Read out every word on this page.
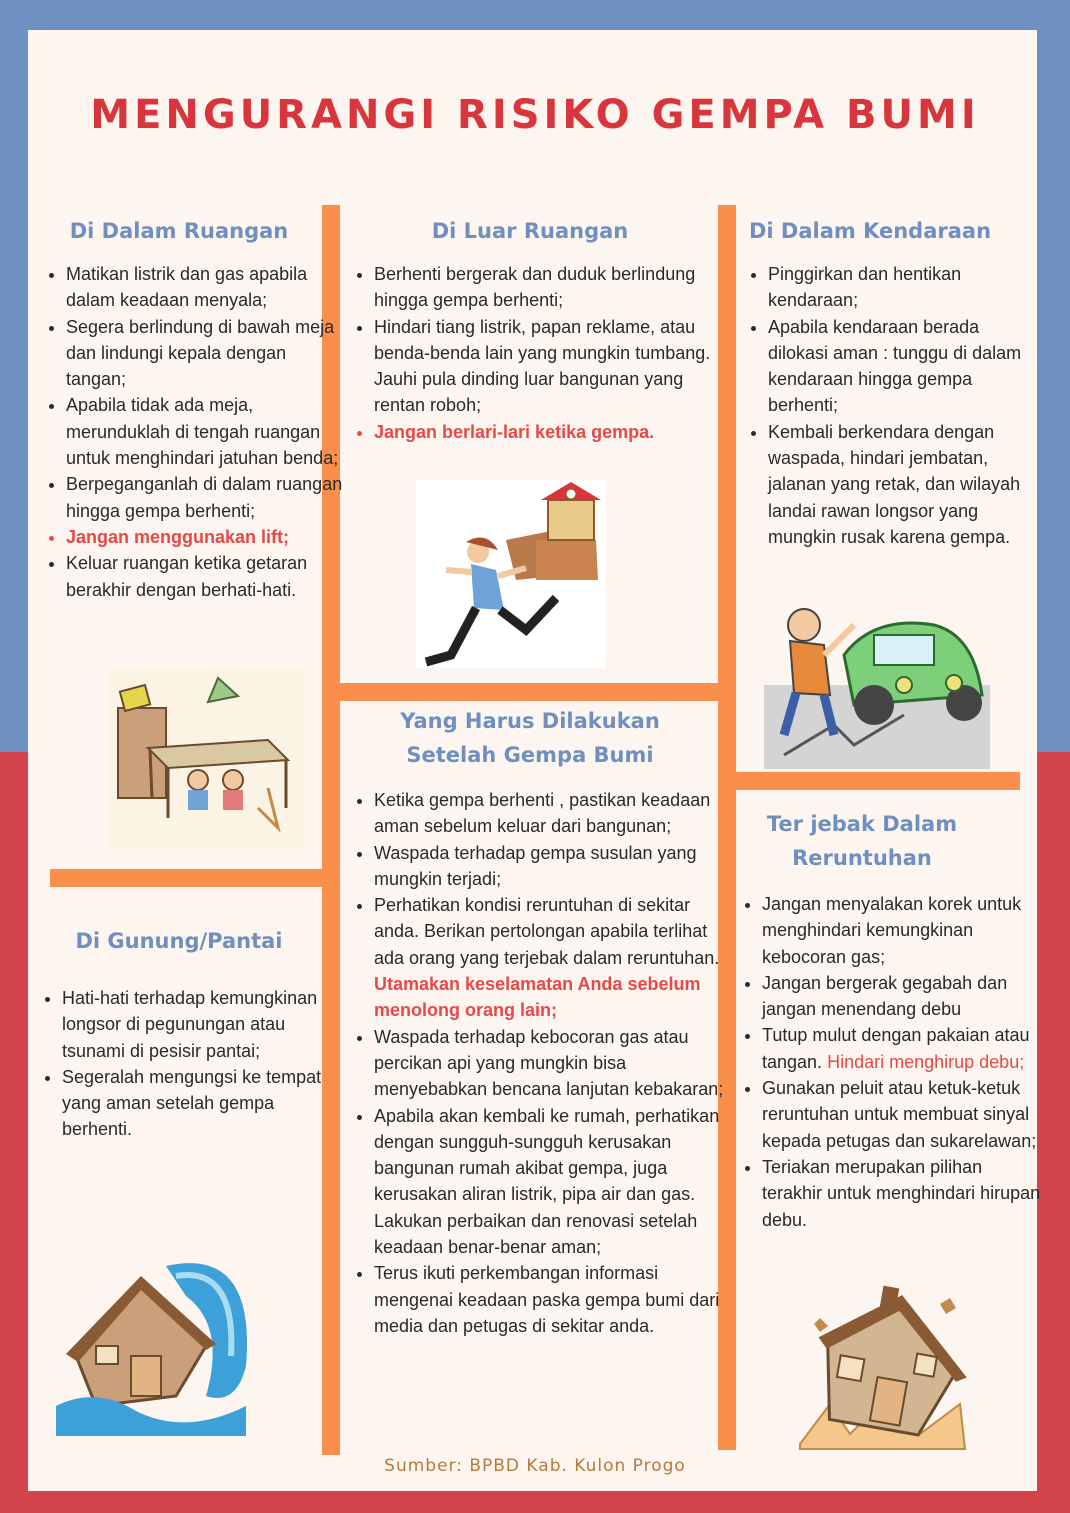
MENGURANGI RISIKO GEMPA BUMI
Di Dalam Ruangan
• Matikan listrik dan gas apabila dalam keadaan menyala;
• Segera berlindung di bawah meja dan lindungi kepala dengan tangan;
• Apabila tidak ada meja, merunduklah di tengah ruangan untuk menghindari jatuhan benda;
• Berpeganganlah di dalam ruangan hingga gempa berhenti;
• Jangan menggunakan lift;
• Keluar ruangan ketika getaran berakhir dengan berhati-hati.
Di Luar Ruangan
• Berhenti bergerak dan duduk berlindung hingga gempa berhenti;
• Hindari tiang listrik, papan reklame, atau benda-benda lain yang mungkin tumbang. Jauhi pula dinding luar bangunan yang rentan roboh;
• Jangan berlari-lari ketika gempa.
Di Dalam Kendaraan
• Pinggirkan dan hentikan kendaraan;
• Apabila kendaraan berada dilokasi aman : tunggu di dalam kendaraan hingga gempa berhenti;
• Kembali berkendara dengan waspada, hindari jembatan, jalanan yang retak, dan wilayah landai rawan longsor yang mungkin rusak karena gempa.
Yang Harus Dilakukan
Setelah Gempa Bumi
• Ketika gempa berhenti , pastikan keadaan aman sebelum keluar dari bangunan;
• Waspada terhadap gempa susulan yang mungkin terjadi;
• Perhatikan kondisi reruntuhan di sekitar anda. Berikan pertolongan apabila terlihat ada orang yang terjebak dalam reruntuhan. Utamakan keselamatan Anda sebelum menolong orang lain;
• Waspada terhadap kebocoran gas atau percikan api yang mungkin bisa menyebabkan bencana lanjutan kebakaran;
• Apabila akan kembali ke rumah, perhatikan dengan sungguh-sungguh kerusakan bangunan rumah akibat gempa, juga kerusakan aliran listrik, pipa air dan gas. Lakukan perbaikan dan renovasi setelah keadaan benar-benar aman;
• Terus ikuti perkembangan informasi mengenai keadaan paska gempa bumi dari media dan petugas di sekitar anda.
Di Gunung/Pantai
• Hati-hati terhadap kemungkinan longsor di pegunungan atau tsunami di pesisir pantai;
• Segeralah mengungsi ke tempat yang aman setelah gempa berhenti.
Ter jebak Dalam
Reruntuhan
• Jangan menyalakan korek untuk menghindari kemungkinan kebocoran gas;
• Jangan bergerak gegabah dan jangan menendang debu
• Tutup mulut dengan pakaian atau tangan. Hindari menghirup debu;
• Gunakan peluit atau ketuk-ketuk reruntuhan untuk membuat sinyal kepada petugas dan sukarelawan;
• Teriakan merupakan pilihan terakhir untuk menghindari hirupan debu.
Sumber: BPBD Kab. Kulon Progo
